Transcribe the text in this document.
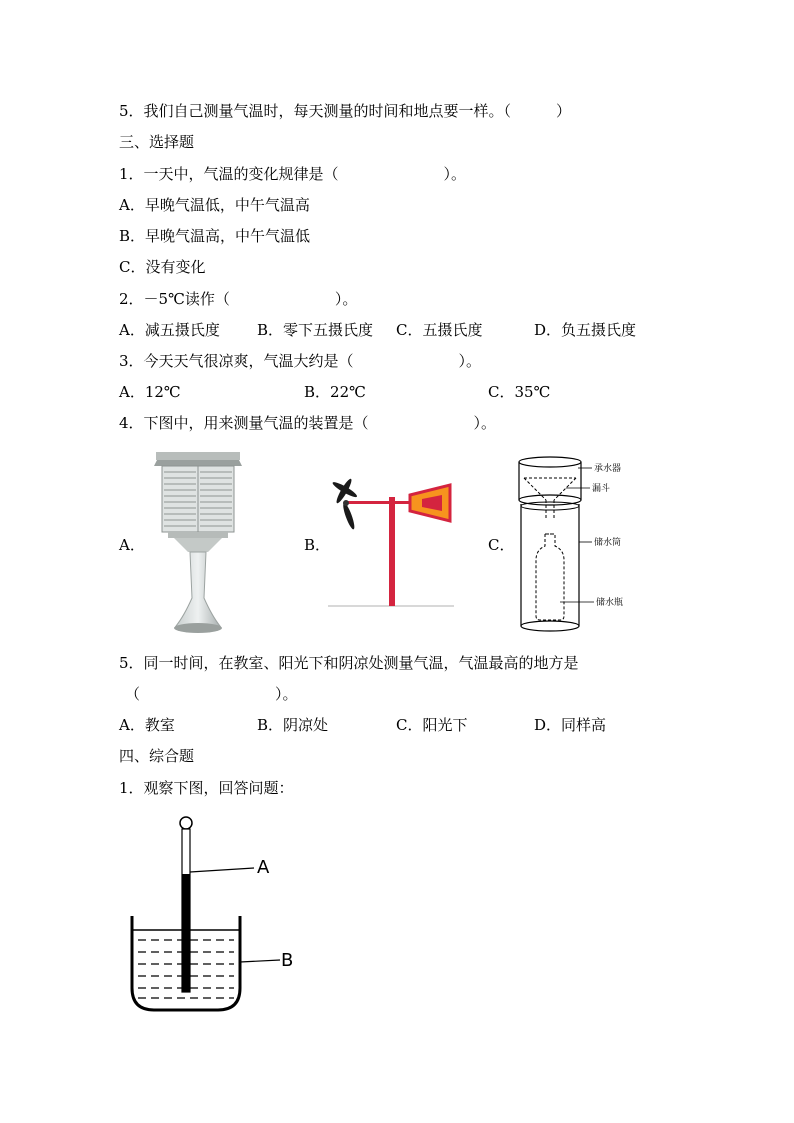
5．我们自己测量气温时，每天测量的时间和地点要一样。（　　　）
三、选择题
1．一天中，气温的变化规律是（　　　　　　　）。
A．早晚气温低，中午气温高
B．早晚气温高，中午气温低
C．没有变化
2．－5℃读作（　　　　　　　）。
A．减五摄氏度 B．零下五摄氏度 C．五摄氏度	D．负五摄氏度
3．今天天气很凉爽，气温大约是（　　　　　　　）。
A．12℃	B．22℃	C．35℃
4．下图中，用来测量气温的装置是（　　　　　　　）。
A．	B．	C．
承水器
漏斗
储水筒
储水瓶
5．同一时间，在教室、阳光下和阴凉处测量气温，气温最高的地方是
（　　　　　　　　　）。
A．教室	B．阴凉处	C．阳光下	D．同样高
四、综合题
1．观察下图，回答问题：
A
B
